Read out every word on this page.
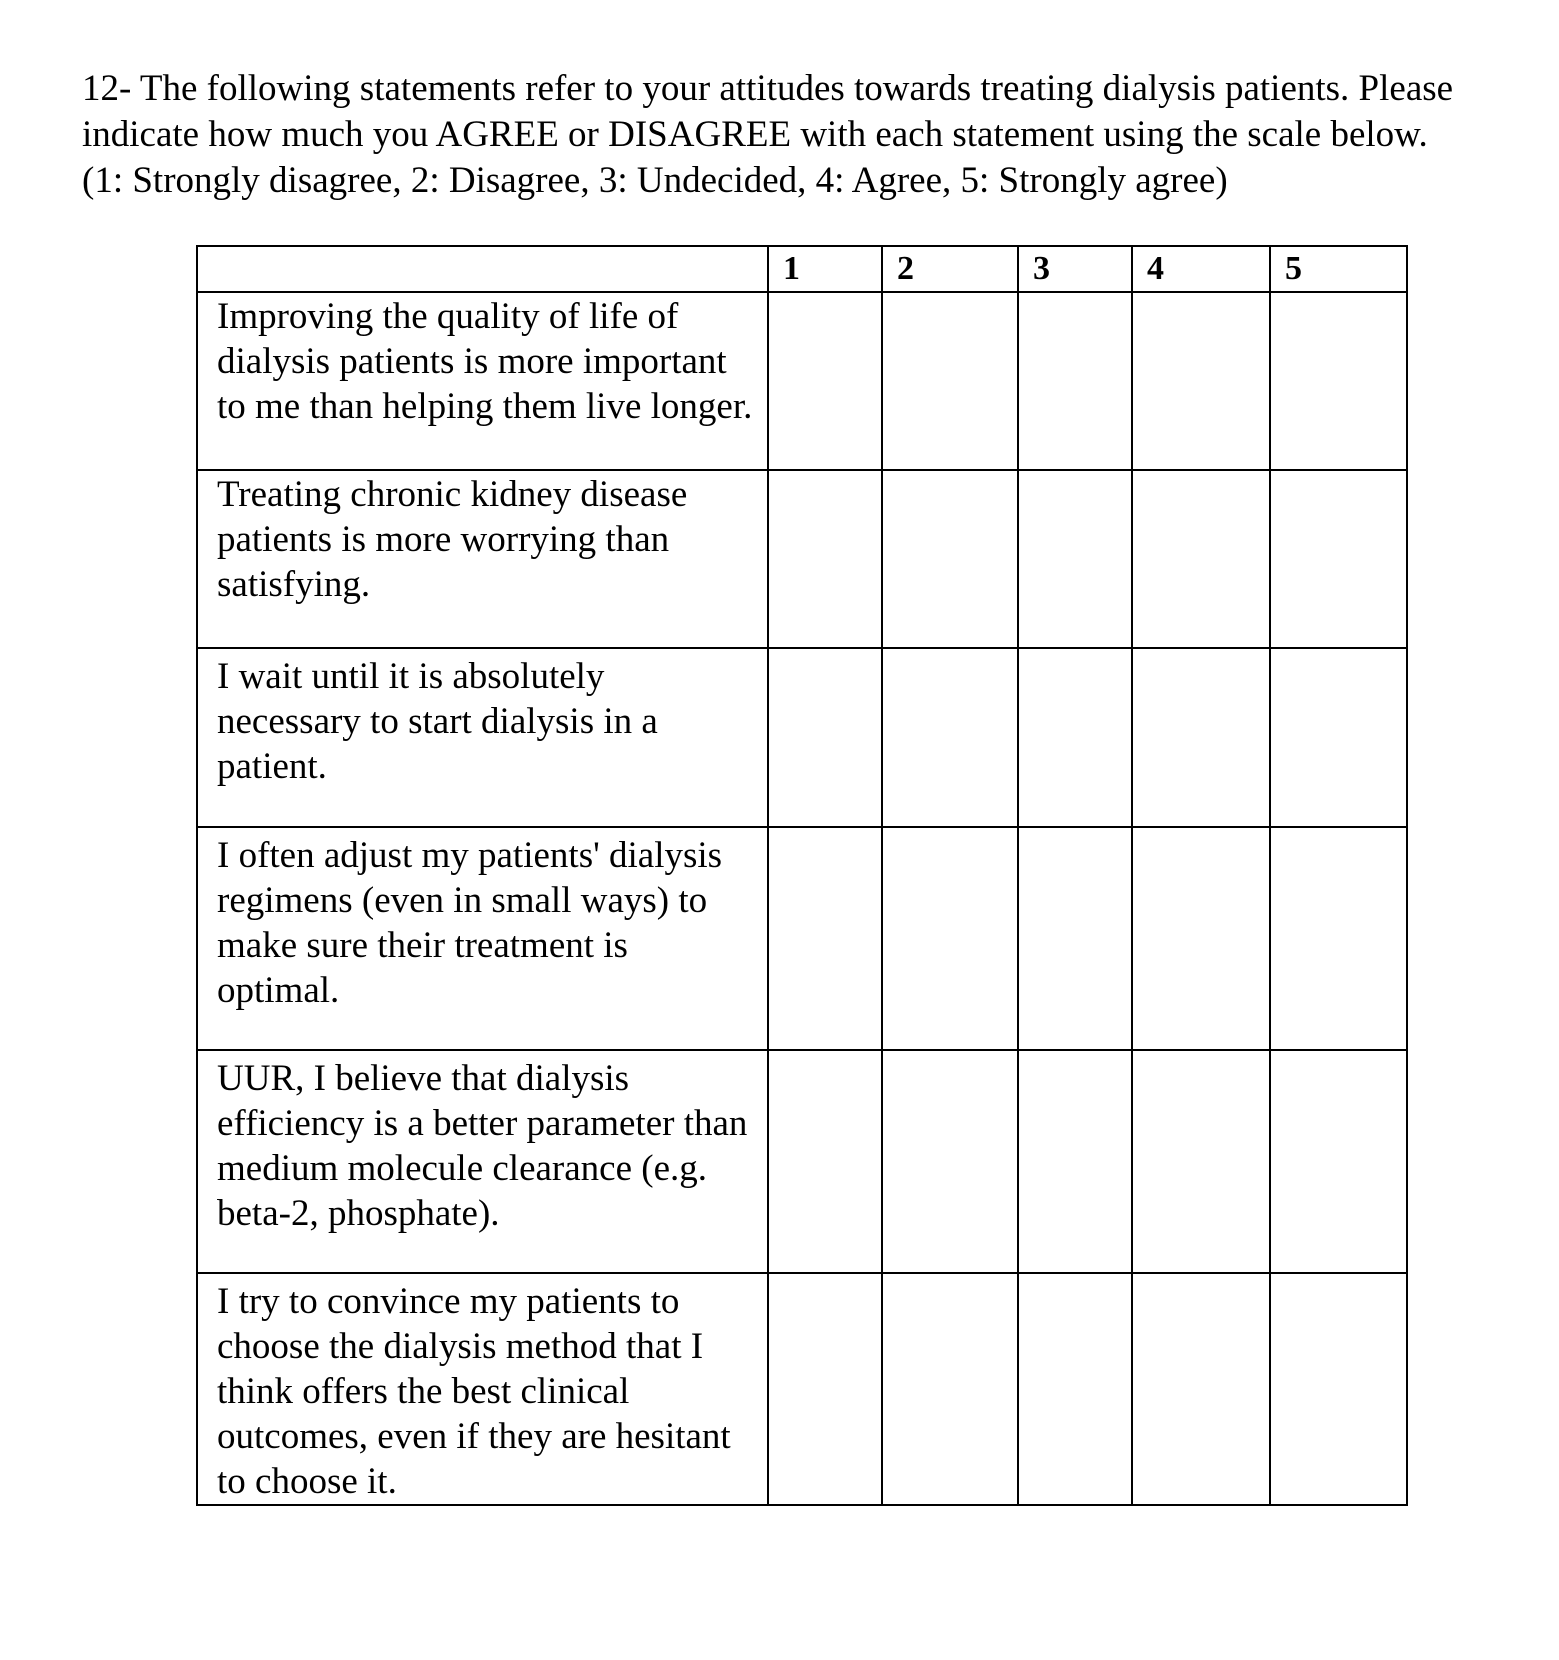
12- The following statements refer to your attitudes towards treating dialysis patients. Please
indicate how much you AGREE or DISAGREE with each statement using the scale below.
(1: Strongly disagree, 2: Disagree, 3: Undecided, 4: Agree, 5: Strongly agree)
	1	2	3	4	5

Improving the quality of life of dialysis patients is more important to me than helping them live longer.					

Treating chronic kidney disease patients is more worrying than satisfying.					

I wait until it is absolutely necessary to start dialysis in a patient.					

I often adjust my patients' dialysis regimens (even in small ways) to make sure their treatment is optimal.					

UUR, I believe that dialysis efficiency is a better parameter than medium molecule clearance (e.g. beta-2, phosphate).					

I try to convince my patients to choose the dialysis method that I think offers the best clinical outcomes, even if they are hesitant to choose it.					
